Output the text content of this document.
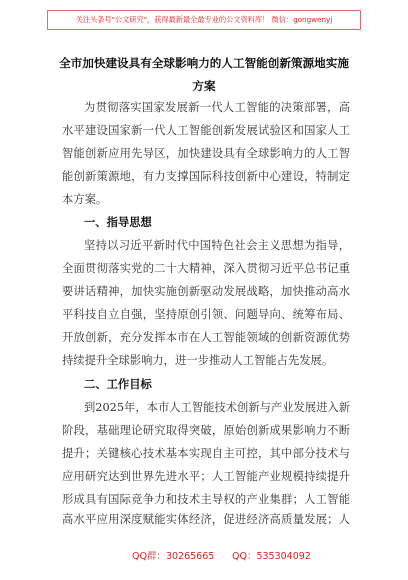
关注头条号"公文研究"，获得最新最全最专业的公文资料库！ 微信：gongwenyj
全市加快建设具有全球影响力的人工智能创新策源地实施
方案
为贯彻落实国家发展新一代人工智能的决策部署，高
水平建设国家新一代人工智能创新发展试验区和国家人工
智能创新应用先导区，加快建设具有全球影响力的人工智
能创新策源地，有力支撑国际科技创新中心建设，特制定
本方案。
一、指导思想
坚持以习近平新时代中国特色社会主义思想为指导，
全面贯彻落实党的二十大精神，深入贯彻习近平总书记重
要讲话精神，加快实施创新驱动发展战略，加快推动高水
平科技自立自强，坚持原创引领、问题导向、统筹布局、
开放创新，充分发挥本市在人工智能领域的创新资源优势
持续提升全球影响力，进一步推动人工智能占先发展。
二、工作目标
到2025年，本市人工智能技术创新与产业发展进入新
阶段，基础理论研究取得突破，原始创新成果影响力不断
提升；关键核心技术基本实现自主可控，其中部分技术与
应用研究达到世界先进水平；人工智能产业规模持续提升
形成具有国际竞争力和技术主导权的产业集群；人工智能
高水平应用深度赋能实体经济，促进经济高质量发展；人
QQ群：30265665 QQ：535304092
